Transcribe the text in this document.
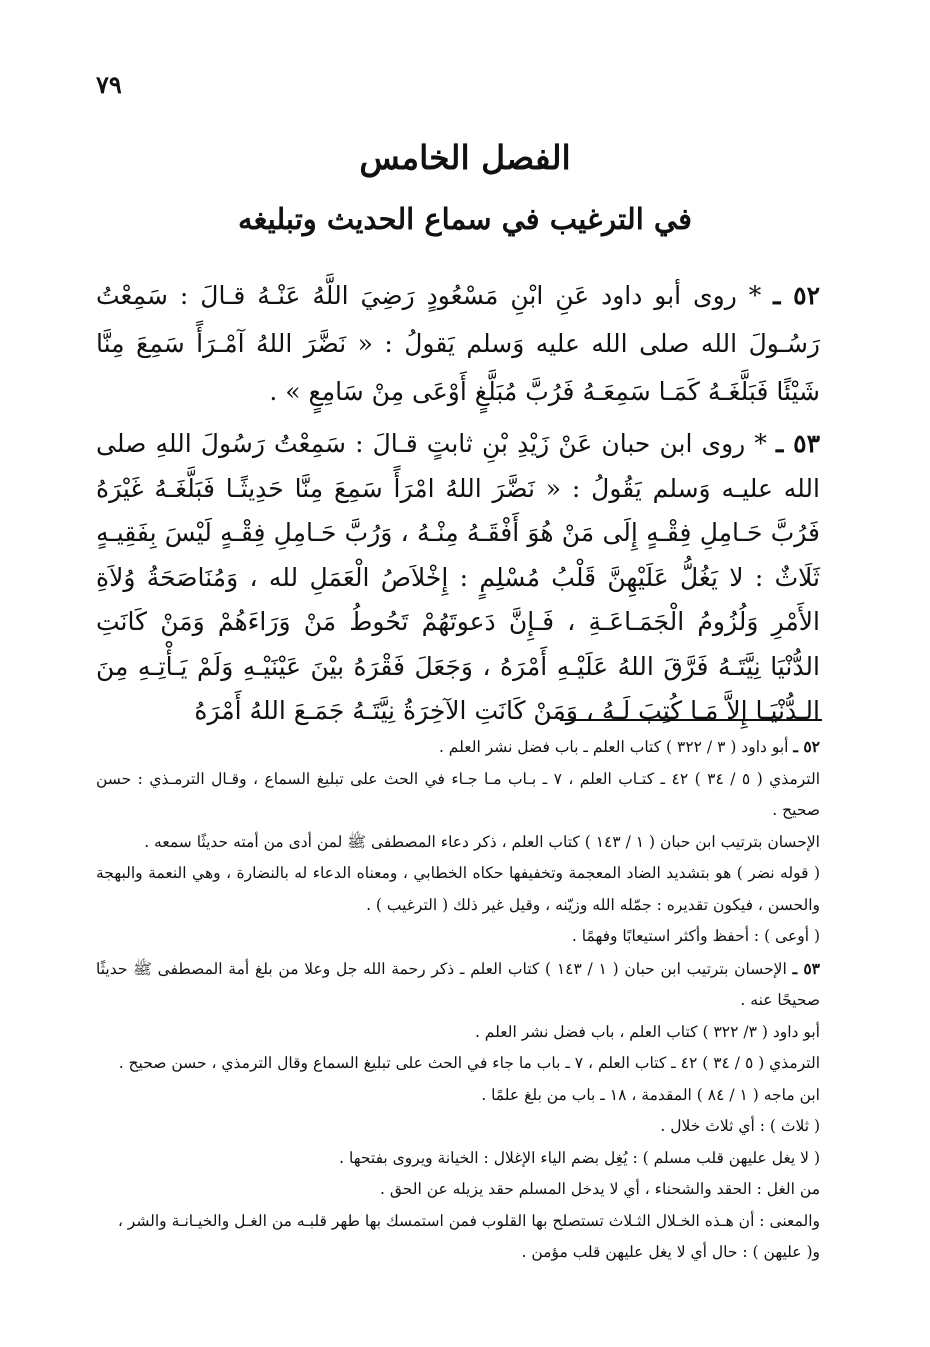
٧٩
الفصل الخامس
في الترغيب في سماع الحديث وتبليغه

٥٢ ـ * روى أبو داود عَنِ ابْنِ مَسْعُودٍ رَضِيَ اللَّهُ عَنْـهُ قـالَ : سَمِعْتُ رَسُـولَ الله صلى الله عليه وَسلم يَقولُ : « نَضَّرَ اللهُ آمْـرَأً سَمِعَ مِنَّا شَيْئًا فَبَلَّغَـهُ كَمَـا سَمِعَـهُ فَرُبَّ مُبَلَّغٍ أَوْعَى مِنْ سَامِعٍ » .

٥٣ ـ * روى ابن حبان عَنْ زَيْدِ بْنِ ثابتٍ قـالَ : سَمِعْتُ رَسُولَ اللهِ صلى الله عليـه وَسلم يَقُولُ : « نَضَّرَ اللهُ امْرَأً سَمِعَ مِنَّا حَدِيثًـا فَبَلَّغَـهُ غَيْرَهُ فَرُبَّ حَـامِلِ فِقْـهٍ إِلَى مَنْ هُوَ أَفْقَـهُ مِنْـهُ ، وَرُبَّ حَـامِلِ فِقْـهٍ لَيْسَ بِفَقِيـهٍ ثَلَاثٌ : لا يَغُلُّ عَلَيْهِنَّ قَلْبُ مُسْلِمٍ : إِخْلاَصُ الْعَمَلِ لله ، وَمُنَاصَحَةُ وُلاَةِ الأَمْرِ وَلُزُومُ الْجَمَـاعَـةِ ، فَـإِنَّ دَعوتَهُمْ تَحُوطُ مَنْ وَرَاءَهُمْ وَمَنْ كَانَتِ الدُّنْيَا نِيَّتَـهُ فَرَّقَ اللهُ عَلَيْـهِ أَمْرَهُ ، وَجَعَلَ فَقْرَهُ بيْنَ عَيْنَيْـهِ وَلَمْ يَـأْتِـهِ مِنَ الـدُّنْيَـا إِلاَّ مَـا كُتِبَ لَـهُ ، وَمَنْ كَانَتِ الآخِرَةُ نِيَّتَـهُ جَمَـعَ اللهُ أَمْرَهُ

٥٢ ـ أبو داود ( ٣ / ٣٢٢ ) كتاب العلم ـ باب فضل نشر العلم .

الترمذي ( ٥ / ٣٤ ) ٤٢ ـ كتـاب العلم ، ٧ ـ بـاب مـا جـاء في الحث على تبليغ السماع ، وقـال الترمـذي : حسن صحيح .

الإحسان بترتيب ابن حبان ( ١ / ١٤٣ ) كتاب العلم ، ذكر دعاء المصطفى ﷺ لمن أدى من أمته حديثًا سمعه .

( قوله نضر ) هو بتشديد الضاد المعجمة وتخفيفها حكاه الخطابي ، ومعناه الدعاء له بالنضارة ، وهي النعمة والبهجة والحسن ، فيكون تقديره : جمّله الله وزيّنه ، وقيل غير ذلك ( الترغيب ) .

( أوعى ) : أحفظ وأكثر استيعابًا وفهمًا .

٥٣ ـ الإحسان بترتيب ابن حبان ( ١ / ١٤٣ ) كتاب العلم ـ ذكر رحمة الله جل وعلا من بلغ أمة المصطفى ﷺ حديثًا صحيحًا عنه .

أبو داود ( ٣/ ٣٢٢ ) كتاب العلم ، باب فضل نشر العلم .

الترمذي ( ٥ / ٣٤ ) ٤٢ ـ كتاب العلم ، ٧ ـ باب ما جاء في الحث على تبليغ السماع وقال الترمذي ، حسن صحيح .

ابن ماجه ( ١ / ٨٤ ) المقدمة ، ١٨ ـ باب من بلغ علمًا .

( ثلاث ) : أي ثلاث خلال .

( لا يغل عليهن قلب مسلم ) : يُغِل بضم الياء الإغلال : الخيانة ويروى بفتحها .

من الغل : الحقد والشحناء ، أي لا يدخل المسلم حقد يزيله عن الحق .

والمعنى : أن هـذه الخـلال الثـلاث تستصلح بها القلوب فمن استمسك بها طهر قلبـه من الغـل والخيـانـة والشر ،

و( عليهن ) : حال أي لا يغل عليهن قلب مؤمن .
